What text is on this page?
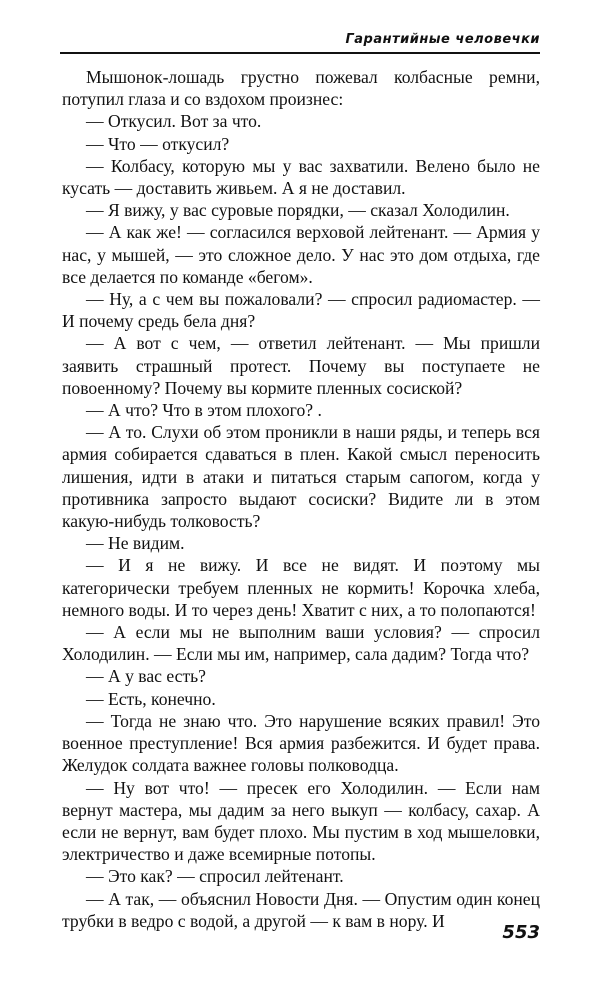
Гарантийные человечки

Мышонок-лошадь грустно пожевал колбасные ремни, потупил глаза и со вздохом произнес:

— Откусил. Вот за что.

— Что — откусил?

— Колбасу, которую мы у вас захватили. Велено было не кусать — доставить живьем. А я не доставил.

— Я вижу, у вас суровые порядки, — сказал Холодилин.

— А как же! — согласился верховой лейтенант. — Армия у нас, у мышей, — это сложное дело. У нас это дом отдыха, где все делается по команде «бегом».

— Ну, а с чем вы пожаловали? — спросил радиомастер. — И почему средь бела дня?

— А вот с чем, — ответил лейтенант. — Мы пришли заявить страшный протест. Почему вы поступаете не повоенному? Почему вы кормите пленных сосиской?

— А что? Что в этом плохого? .

— А то. Слухи об этом проникли в наши ряды, и теперь вся армия собирается сдаваться в плен. Какой смысл переносить лишения, идти в атаки и питаться старым сапогом, когда у противника запросто выдают сосиски? Видите ли в этом какую-нибудь толковость?

— Не видим.

— И я не вижу. И все не видят. И поэтому мы категорически требуем пленных не кормить! Корочка хлеба, немного воды. И то через день! Хватит с них, а то полопаются!

— А если мы не выполним ваши условия? — спросил Холодилин. — Если мы им, например, сала дадим? Тогда что?

— А у вас есть?

— Есть, конечно.

— Тогда не знаю что. Это нарушение всяких правил! Это военное преступление! Вся армия разбежится. И будет права. Желудок солдата важнее головы полководца.

— Ну вот что! — пресек его Холодилин. — Если нам вернут мастера, мы дадим за него выкуп — колбасу, сахар. А если не вернут, вам будет плохо. Мы пустим в ход мышеловки, электричество и даже всемирные потопы.

— Это как? — спросил лейтенант.

— А так, — объяснил Новости Дня. — Опустим один конец трубки в ведро с водой, а другой — к вам в нору. И

553
